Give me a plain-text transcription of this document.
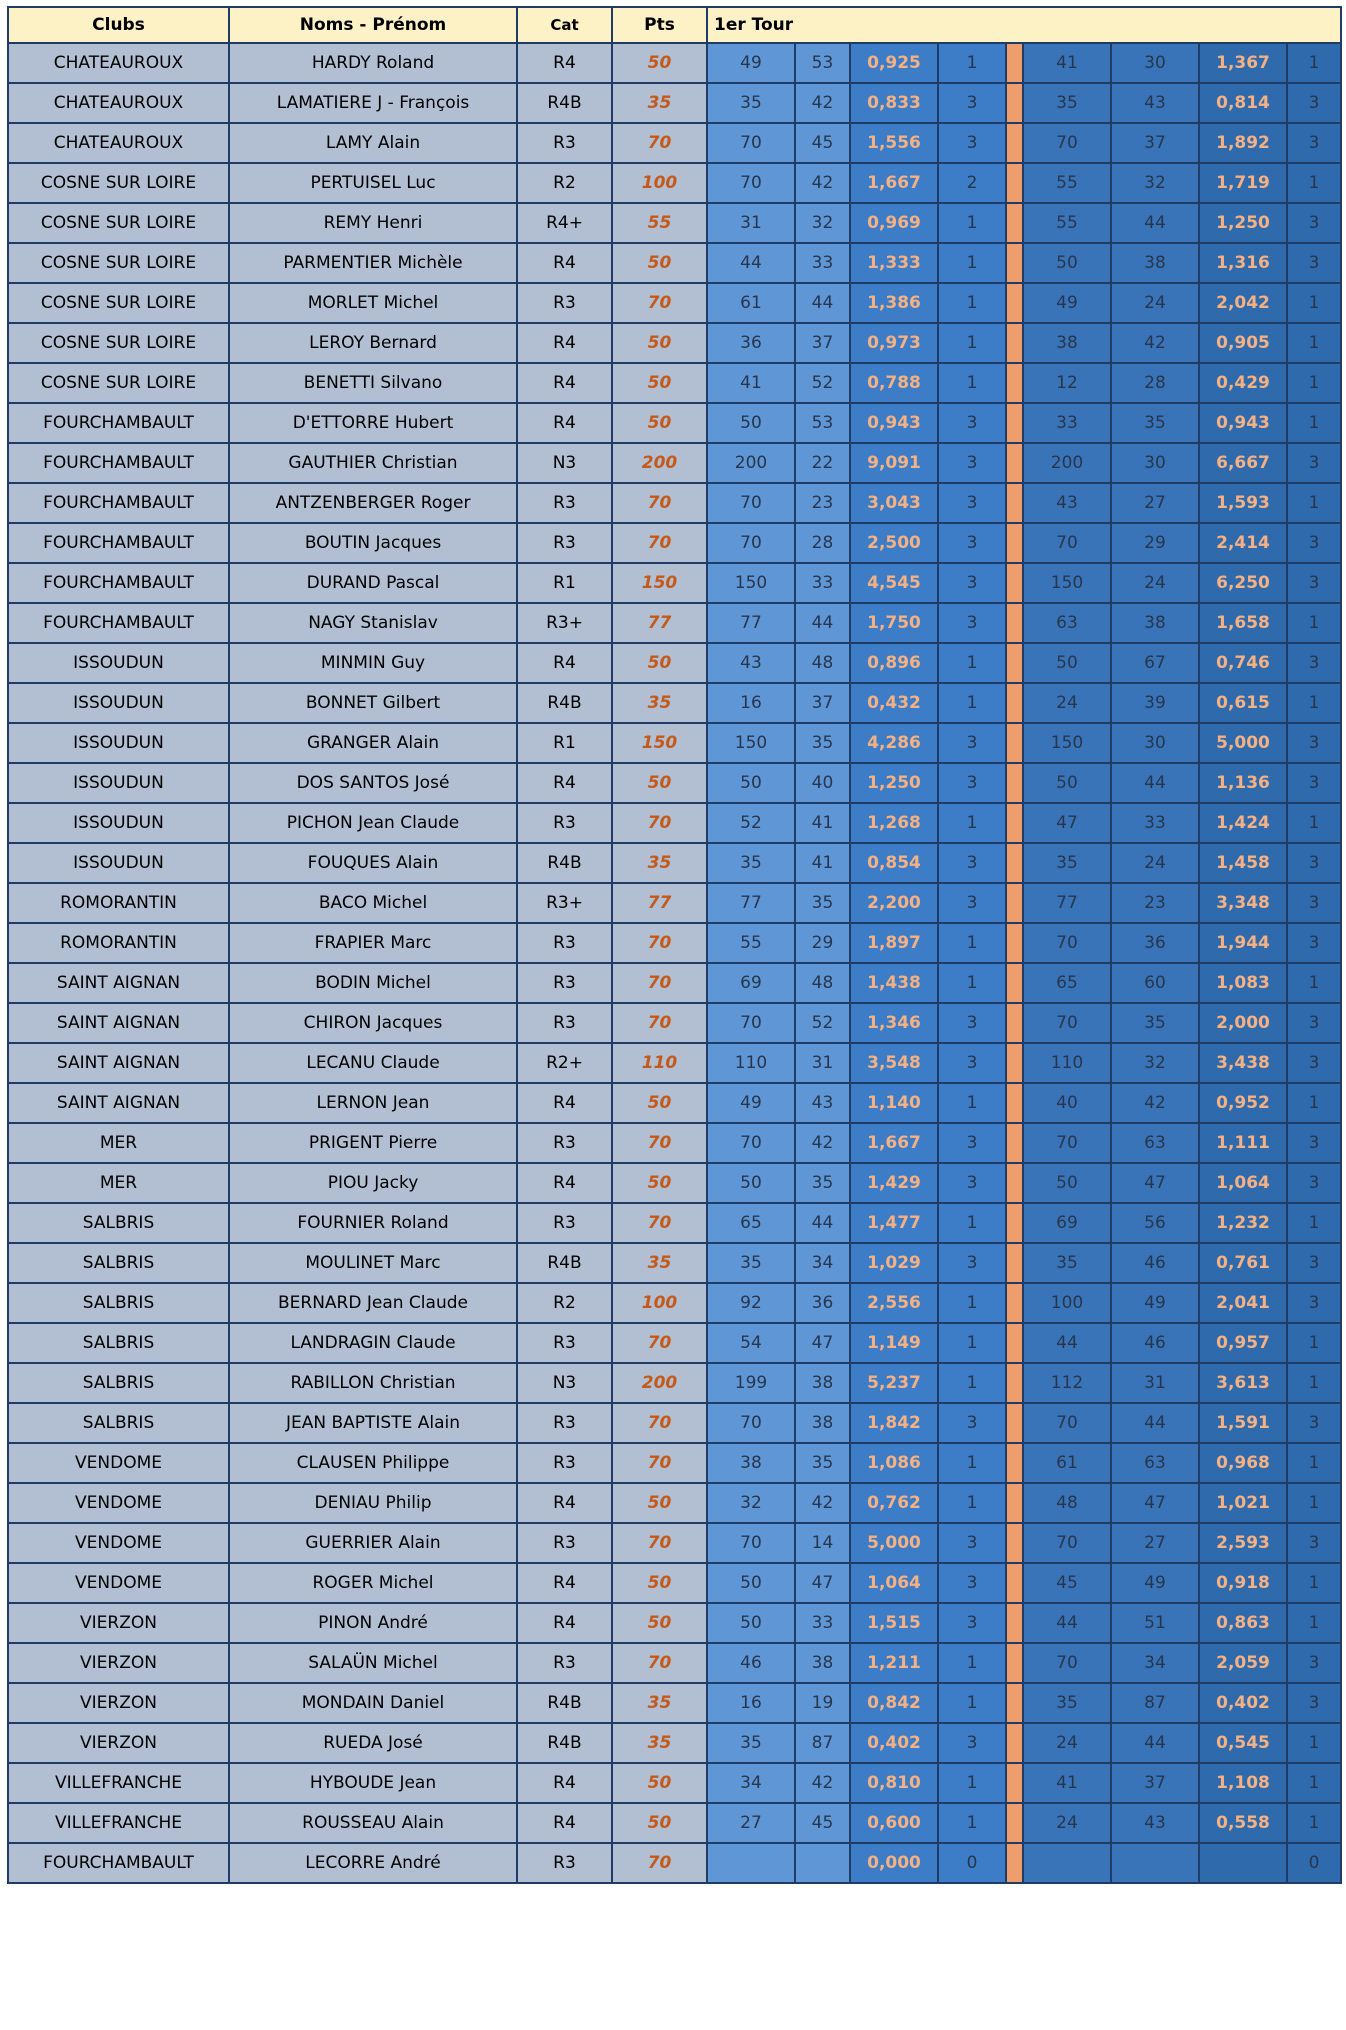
Clubs	Noms - Prénom	Cat	Pts	1er Tour								
CHATEAUROUX	HARDY Roland	R4	50	49	53	0,925	1		41	30	1,367	1
CHATEAUROUX	LAMATIERE J - François	R4B	35	35	42	0,833	3		35	43	0,814	3
CHATEAUROUX	LAMY Alain	R3	70	70	45	1,556	3		70	37	1,892	3
COSNE SUR LOIRE	PERTUISEL Luc	R2	100	70	42	1,667	2		55	32	1,719	1
COSNE SUR LOIRE	REMY Henri	R4+	55	31	32	0,969	1		55	44	1,250	3
COSNE SUR LOIRE	PARMENTIER Michèle	R4	50	44	33	1,333	1		50	38	1,316	3
COSNE SUR LOIRE	MORLET Michel	R3	70	61	44	1,386	1		49	24	2,042	1
COSNE SUR LOIRE	LEROY Bernard	R4	50	36	37	0,973	1		38	42	0,905	1
COSNE SUR LOIRE	BENETTI Silvano	R4	50	41	52	0,788	1		12	28	0,429	1
FOURCHAMBAULT	D'ETTORRE Hubert	R4	50	50	53	0,943	3		33	35	0,943	1
FOURCHAMBAULT	GAUTHIER Christian	N3	200	200	22	9,091	3		200	30	6,667	3
FOURCHAMBAULT	ANTZENBERGER Roger	R3	70	70	23	3,043	3		43	27	1,593	1
FOURCHAMBAULT	BOUTIN Jacques	R3	70	70	28	2,500	3		70	29	2,414	3
FOURCHAMBAULT	DURAND Pascal	R1	150	150	33	4,545	3		150	24	6,250	3
FOURCHAMBAULT	NAGY Stanislav	R3+	77	77	44	1,750	3		63	38	1,658	1
ISSOUDUN	MINMIN Guy	R4	50	43	48	0,896	1		50	67	0,746	3
ISSOUDUN	BONNET Gilbert	R4B	35	16	37	0,432	1		24	39	0,615	1
ISSOUDUN	GRANGER Alain	R1	150	150	35	4,286	3		150	30	5,000	3
ISSOUDUN	DOS SANTOS José	R4	50	50	40	1,250	3		50	44	1,136	3
ISSOUDUN	PICHON Jean Claude	R3	70	52	41	1,268	1		47	33	1,424	1
ISSOUDUN	FOUQUES Alain	R4B	35	35	41	0,854	3		35	24	1,458	3
ROMORANTIN	BACO Michel	R3+	77	77	35	2,200	3		77	23	3,348	3
ROMORANTIN	FRAPIER Marc	R3	70	55	29	1,897	1		70	36	1,944	3
SAINT AIGNAN	BODIN Michel	R3	70	69	48	1,438	1		65	60	1,083	1
SAINT AIGNAN	CHIRON Jacques	R3	70	70	52	1,346	3		70	35	2,000	3
SAINT AIGNAN	LECANU Claude	R2+	110	110	31	3,548	3		110	32	3,438	3
SAINT AIGNAN	LERNON Jean	R4	50	49	43	1,140	1		40	42	0,952	1
MER	PRIGENT Pierre	R3	70	70	42	1,667	3		70	63	1,111	3
MER	PIOU Jacky	R4	50	50	35	1,429	3		50	47	1,064	3
SALBRIS	FOURNIER Roland	R3	70	65	44	1,477	1		69	56	1,232	1
SALBRIS	MOULINET Marc	R4B	35	35	34	1,029	3		35	46	0,761	3
SALBRIS	BERNARD Jean Claude	R2	100	92	36	2,556	1		100	49	2,041	3
SALBRIS	LANDRAGIN Claude	R3	70	54	47	1,149	1		44	46	0,957	1
SALBRIS	RABILLON Christian	N3	200	199	38	5,237	1		112	31	3,613	1
SALBRIS	JEAN BAPTISTE Alain	R3	70	70	38	1,842	3		70	44	1,591	3
VENDOME	CLAUSEN Philippe	R3	70	38	35	1,086	1		61	63	0,968	1
VENDOME	DENIAU Philip	R4	50	32	42	0,762	1		48	47	1,021	1
VENDOME	GUERRIER Alain	R3	70	70	14	5,000	3		70	27	2,593	3
VENDOME	ROGER Michel	R4	50	50	47	1,064	3		45	49	0,918	1
VIERZON	PINON André	R4	50	50	33	1,515	3		44	51	0,863	1
VIERZON	SALAÜN Michel	R3	70	46	38	1,211	1		70	34	2,059	3
VIERZON	MONDAIN Daniel	R4B	35	16	19	0,842	1		35	87	0,402	3
VIERZON	RUEDA José	R4B	35	35	87	0,402	3		24	44	0,545	1
VILLEFRANCHE	HYBOUDE Jean	R4	50	34	42	0,810	1		41	37	1,108	1
VILLEFRANCHE	ROUSSEAU Alain	R4	50	27	45	0,600	1		24	43	0,558	1
FOURCHAMBAULT	LECORRE André	R3	70			0,000	0					0
